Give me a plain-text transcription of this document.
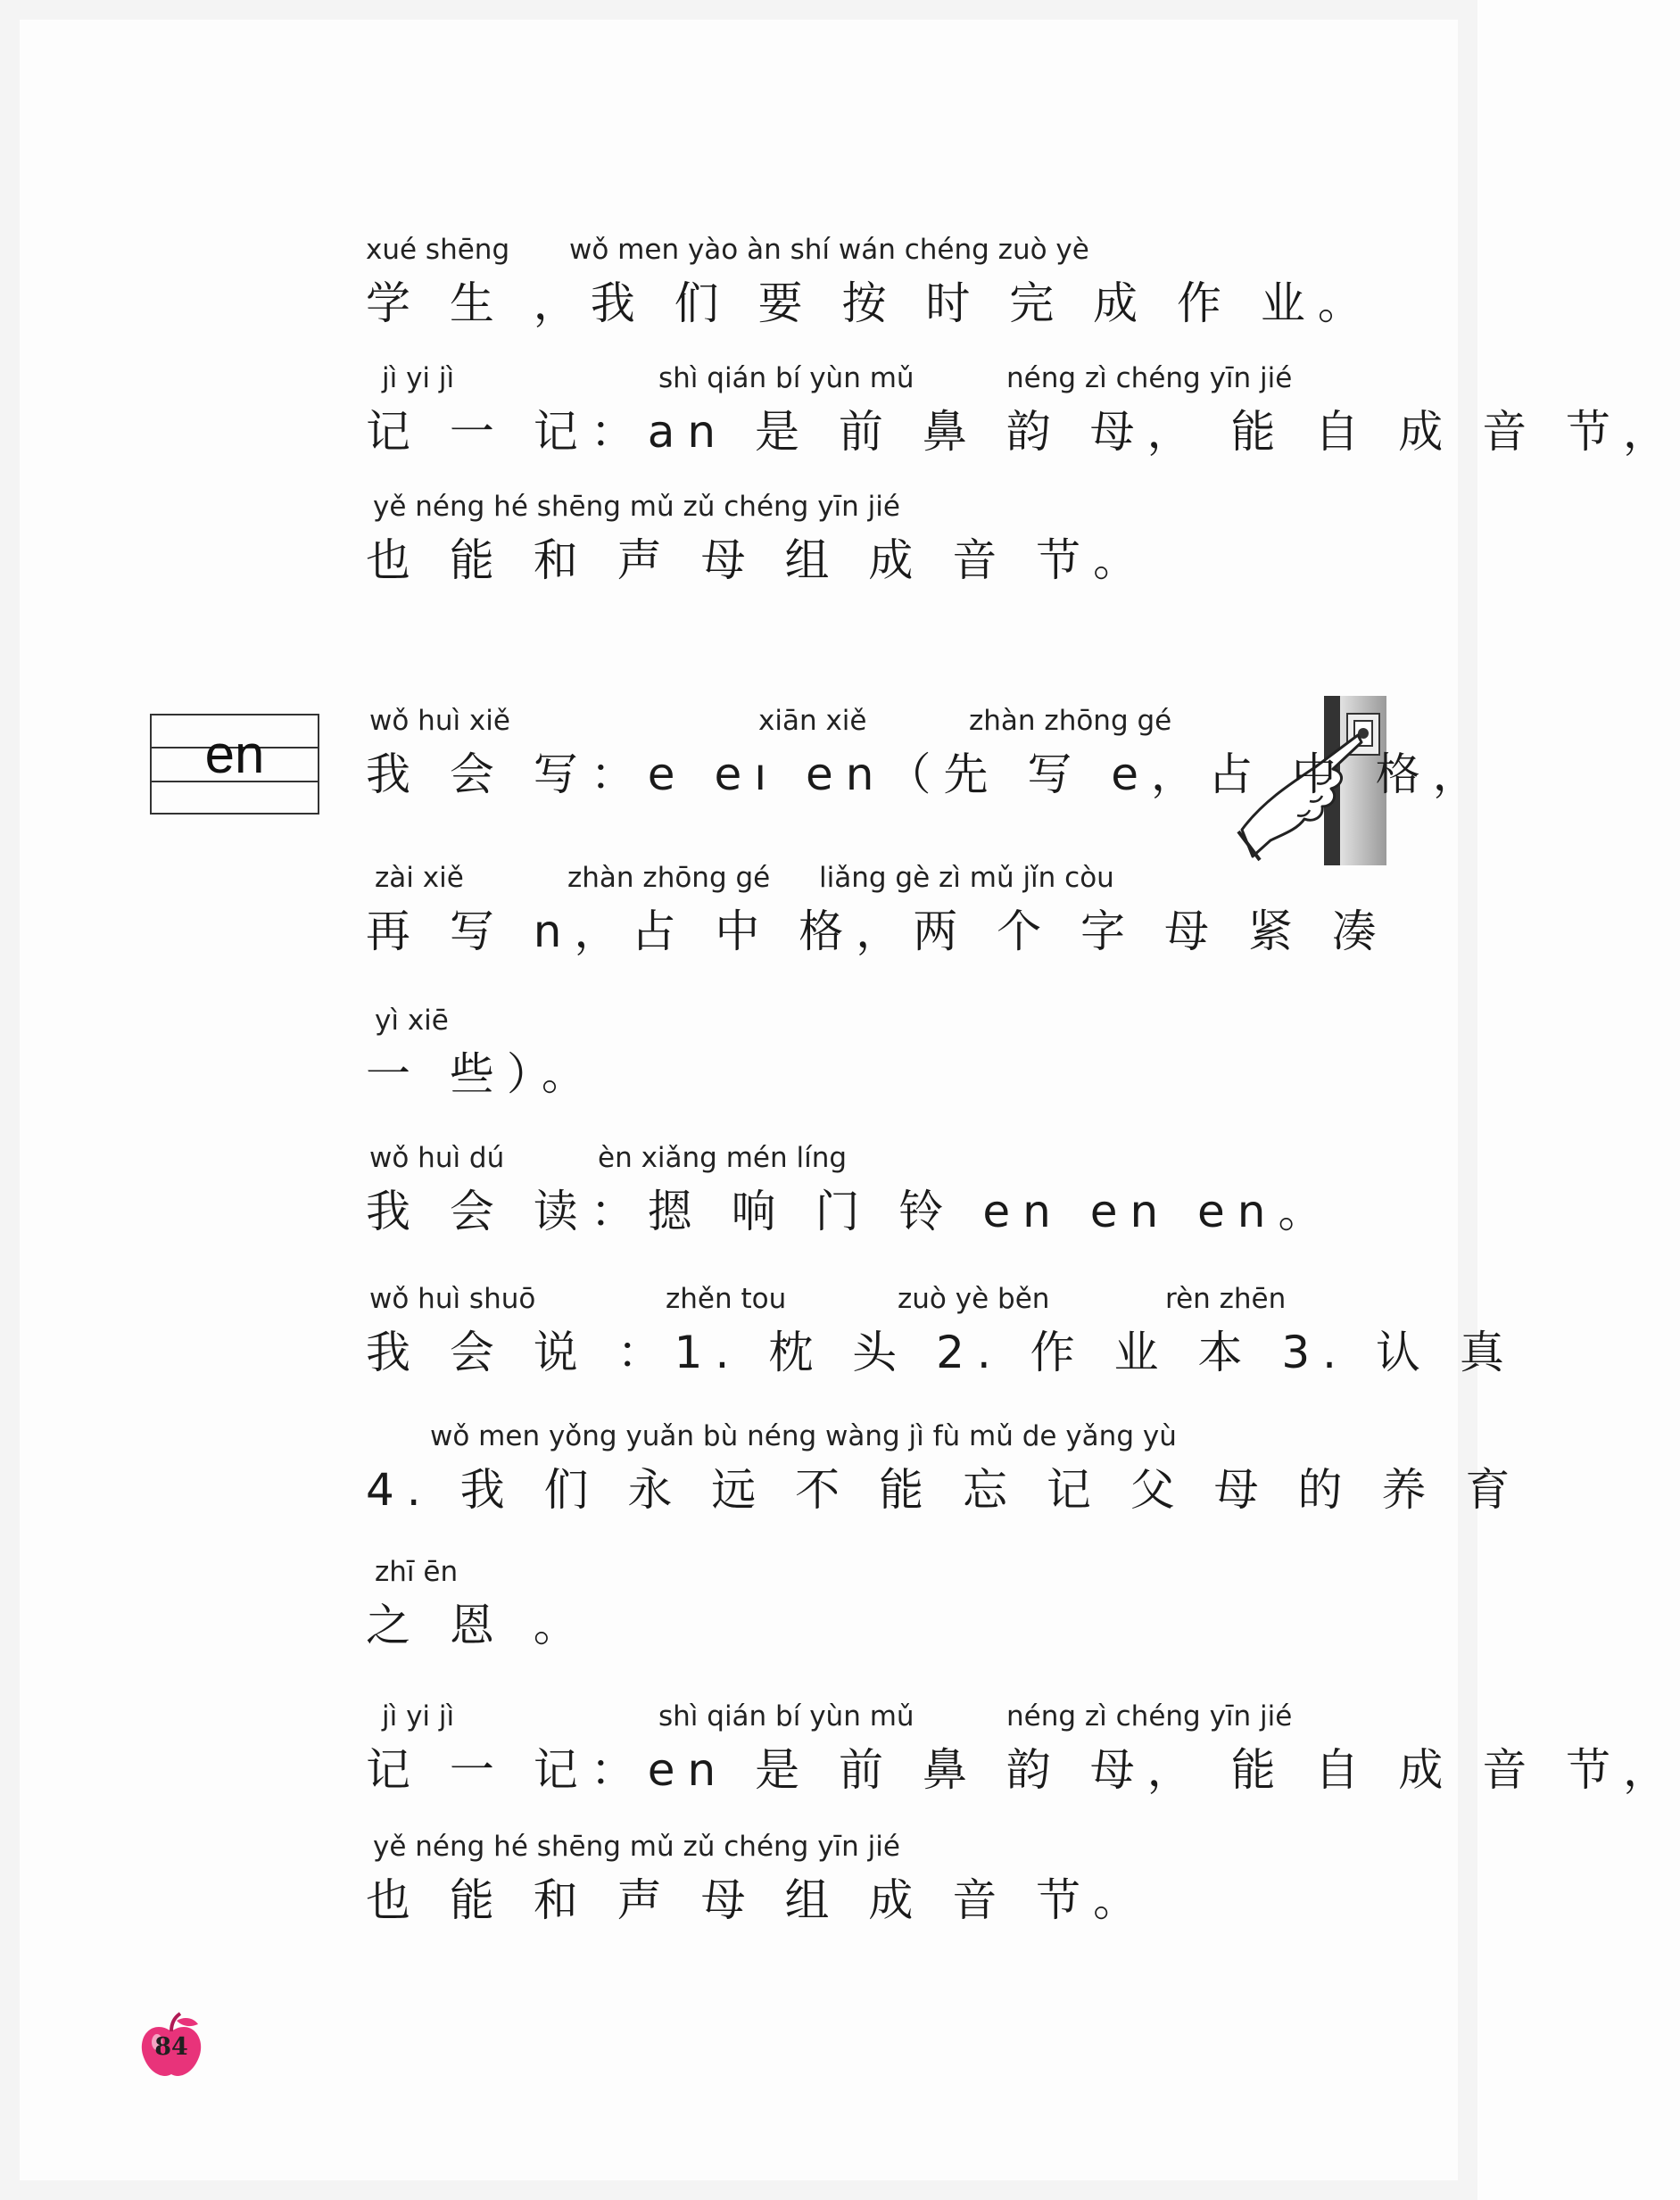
en
xué shēng wǒ men yào àn shí wán chéng zuò yè
学 生 ，我 们 要 按 时 完 成 作 业。
jì yi jì	shì qián bí yùn mǔ	néng zì chéng yīn jié
记 一 记：an 是 前 鼻 韵 母， 能 自 成 音 节，
yě néng hé shēng mǔ zǔ chéng yīn jié
也 能 和 声 母 组 成 音 节。
wǒ huì xiě	xiān xiě	zhàn zhōng gé
我 会 写：e eı en（先 写 e，占 中 格，
zài xiě	zhàn zhōng gé liǎng gè zì mǔ jǐn còu
再 写 n，占 中 格，两 个 字 母 紧 凑
yì xiē
一 些）。
wǒ huì dú	èn xiǎng mén líng
我 会 读：摁 响 门 铃 en en en。
wǒ huì shuō	zhěn tou	zuò yè běn	rèn zhēn
我 会 说 ：1. 枕 头 2. 作 业 本 3. 认 真
wǒ men yǒng yuǎn bù néng wàng jì fù mǔ de yǎng yù
4. 我 们 永 远 不 能 忘 记 父 母 的 养 育
zhī ēn
之 恩 。
jì yi jì	shì qián bí yùn mǔ	néng zì chéng yīn jié
记 一 记：en 是 前 鼻 韵 母， 能 自 成 音 节，
yě néng hé shēng mǔ zǔ chéng yīn jié
也 能 和 声 母 组 成 音 节。
84
